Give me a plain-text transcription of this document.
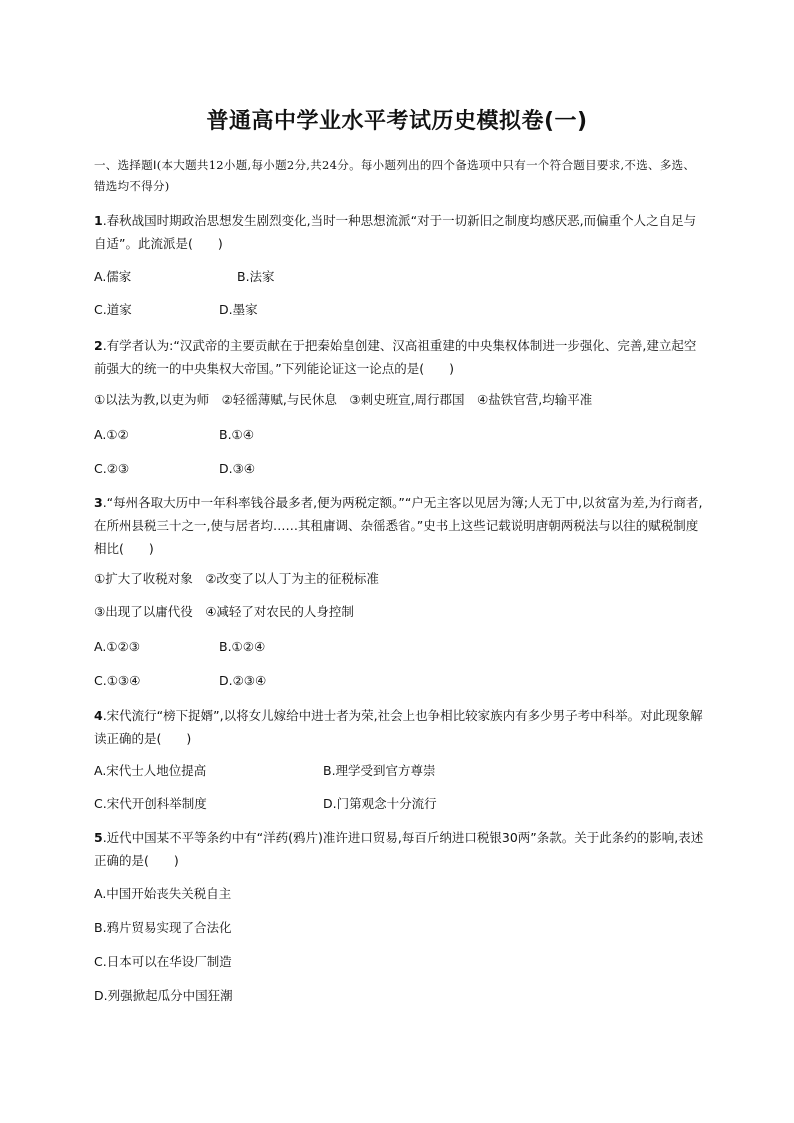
普通高中学业水平考试历史模拟卷(一)

一、选择题Ⅰ(本大题共12小题,每小题2分,共24分。每小题列出的四个备选项中只有一个符合题目要求,不选、多选、错选均不得分)

1.春秋战国时期政治思想发生剧烈变化,当时一种思想流派“对于一切新旧之制度均感厌恶,而偏重个人之自足与自适”。此流派是(　　)

A.儒家	B.法家

C.道家	D.墨家

2.有学者认为:“汉武帝的主要贡献在于把秦始皇创建、汉高祖重建的中央集权体制进一步强化、完善,建立起空前强大的统一的中央集权大帝国。”下列能论证这一论点的是(　　)

①以法为教,以吏为师　②轻徭薄赋,与民休息　③刺史班宣,周行郡国　④盐铁官营,均输平准

A.①②	B.①④

C.②③	D.③④

3.“每州各取大历中一年科率钱谷最多者,便为两税定额。”“户无主客以见居为簿;人无丁中,以贫富为差,为行商者,在所州县税三十之一,使与居者均……其租庸调、杂徭悉省。”史书上这些记载说明唐朝两税法与以往的赋税制度相比(　　)

①扩大了收税对象　②改变了以人丁为主的征税标准

③出现了以庸代役　④减轻了对农民的人身控制

A.①②③	B.①②④

C.①③④	D.②③④

4.宋代流行“榜下捉婿”,以将女儿嫁给中进士者为荣,社会上也争相比较家族内有多少男子考中科举。对此现象解读正确的是(　　)

A.宋代士人地位提高	B.理学受到官方尊崇

C.宋代开创科举制度	D.门第观念十分流行

5.近代中国某不平等条约中有“洋药(鸦片)准许进口贸易,每百斤纳进口税银30两”条款。关于此条约的影响,表述正确的是(　　)

A.中国开始丧失关税自主

B.鸦片贸易实现了合法化

C.日本可以在华设厂制造

D.列强掀起瓜分中国狂潮
